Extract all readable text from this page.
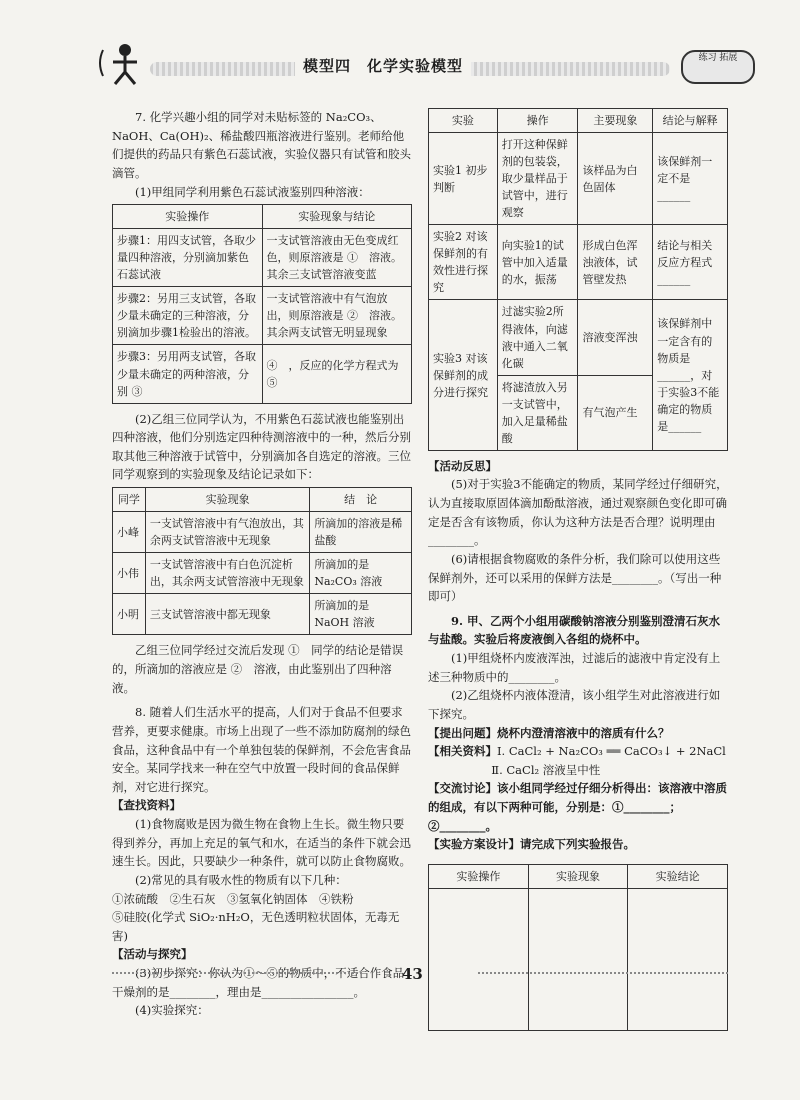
模型四　化学实验模型	练习 拓展

7. 化学兴趣小组的同学对未贴标签的 Na₂CO₃、NaOH、Ca(OH)₂、稀盐酸四瓶溶液进行鉴别。老师给他们提供的药品只有紫色石蕊试液，实验仪器只有试管和胶头滴管。

(1)甲组同学利用紫色石蕊试液鉴别四种溶液：

实验操作	实验现象与结论
步骤1：用四支试管，各取少量四种溶液，分别滴加紫色石蕊试液	一支试管溶液由无色变成红色，则原溶液是 ①　溶液。其余三支试管溶液变蓝
步骤2：另用三支试管，各取少量未确定的三种溶液，分别滴加步骤1检验出的溶液。	一支试管溶液中有气泡放出，则原溶液是 ②　溶液。其余两支试管无明显现象
步骤3：另用两支试管，各取少量未确定的两种溶液，分别 ③　	④　，反应的化学方程式为 ⑤　

(2)乙组三位同学认为，不用紫色石蕊试液也能鉴别出四种溶液，他们分别选定四种待测溶液中的一种，然后分别取其他三种溶液于试管中，分别滴加各自选定的溶液。三位同学观察到的实验现象及结论记录如下：

同学	实验现象	结　论
小峰	一支试管溶液中有气泡放出，其余两支试管溶液中无现象	所滴加的溶液是稀盐酸
小伟	一支试管溶液中有白色沉淀析出，其余两支试管溶液中无现象	所滴加的是 Na₂CO₃ 溶液
小明	三支试管溶液中都无现象	所滴加的是 NaOH 溶液

乙组三位同学经过交流后发现 ①　同学的结论是错误的，所滴加的溶液应是 ②　溶液，由此鉴别出了四种溶液。

8. 随着人们生活水平的提高，人们对于食品不但要求营养，更要求健康。市场上出现了一些不添加防腐剂的绿色食品，这种食品中有一个单独包装的保鲜剂，不会危害食品安全。某同学找来一种在空气中放置一段时间的食品保鲜剂，对它进行探究。

【查找资料】

(1)食物腐败是因为微生物在食物上生长。微生物只要得到养分，再加上充足的氧气和水，在适当的条件下就会迅速生长。因此，只要缺少一种条件，就可以防止食物腐败。

(2)常见的具有吸水性的物质有以下几种：

①浓硫酸　②生石灰　③氢氧化钠固体　④铁粉

⑤硅胶(化学式 SiO₂·nH₂O，无色透明粒状固体，无毒无害)

【活动与探究】

(3)初步探究：你认为①～⑤的物质中，不适合作食品干燥剂的是________，理由是________________。

(4)实验探究：

实验	操作	主要现象	结论与解释
实验1 初步判断	打开这种保鲜剂的包装袋，取少量样品于试管中，进行观察	该样品为白色固体	该保鲜剂一定不是______
实验2 对该保鲜剂的有效性进行探究	向实验1的试管中加入适量的水，振荡	形成白色浑浊液体，试管壁发热	结论与相关反应方程式______
实验3 对该保鲜剂的成分进行探究	过滤实验2所得液体，向滤液中通入二氧化碳	溶液变浑浊	该保鲜剂中一定含有的物质是______，对于实验3不能确定的物质是______
	将滤渣放入另一支试管中，加入足量稀盐酸	有气泡产生	

【活动反思】

(5)对于实验3不能确定的物质，某同学经过仔细研究，认为直接取原固体滴加酚酞溶液，通过观察颜色变化即可确定是否含有该物质，你认为这种方法是否合理？说明理由________。

(6)请根据食物腐败的条件分析，我们除可以使用这些保鲜剂外，还可以采用的保鲜方法是________。（写出一种即可）

9. 甲、乙两个小组用碳酸钠溶液分别鉴别澄清石灰水与盐酸。实验后将废液倒入各组的烧杯中。

(1)甲组烧杯内废液浑浊，过滤后的滤液中肯定没有上述三种物质中的________。

(2)乙组烧杯内液体澄清，该小组学生对此溶液进行如下探究。

【提出问题】烧杯内澄清溶液中的溶质有什么？

【相关资料】Ⅰ. CaCl₂ + Na₂CO₃ ══ CaCO₃↓ + 2NaCl

Ⅱ. CaCl₂ 溶液呈中性

【交流讨论】该小组同学经过仔细分析得出：该溶液中溶质的组成，有以下两种可能，分别是：①________；②________。

【实验方案设计】请完成下列实验报告。

实验操作	实验现象	实验结论

43
